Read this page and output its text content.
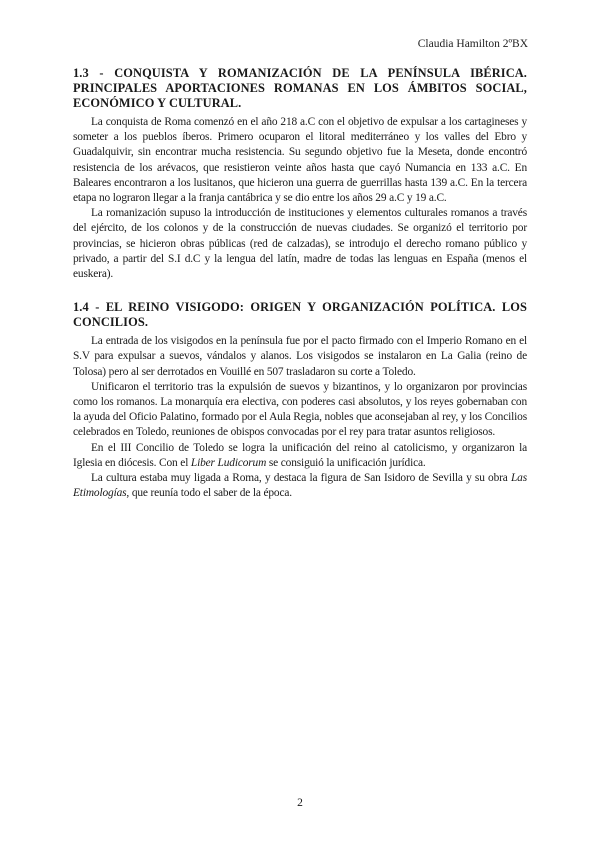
Claudia Hamilton 2ºBX
1.3 - CONQUISTA Y ROMANIZACIÓN DE LA PENÍNSULA IBÉRICA. PRINCIPALES APORTACIONES ROMANAS EN LOS ÁMBITOS SOCIAL, ECONÓMICO Y CULTURAL.

La conquista de Roma comenzó en el año 218 a.C con el objetivo de expulsar a los cartagineses y someter a los pueblos íberos. Primero ocuparon el litoral mediterráneo y los valles del Ebro y Guadalquivir, sin encontrar mucha resistencia. Su segundo objetivo fue la Meseta, donde encontró resistencia de los arévacos, que resistieron veinte años hasta que cayó Numancia en 133 a.C. En Baleares encontraron a los lusitanos, que hicieron una guerra de guerrillas hasta 139 a.C. En la tercera etapa no lograron llegar a la franja cantábrica y se dio entre los años 29 a.C y 19 a.C.

La romanización supuso la introducción de instituciones y elementos culturales romanos a través del ejército, de los colonos y de la construcción de nuevas ciudades. Se organizó el territorio por provincias, se hicieron obras públicas (red de calzadas), se introdujo el derecho romano público y privado, a partir del S.I d.C y la lengua del latín, madre de todas las lenguas en España (menos el euskera).

1.4 - EL REINO VISIGODO: ORIGEN Y ORGANIZACIÓN POLÍTICA. LOS CONCILIOS.

La entrada de los visigodos en la península fue por el pacto firmado con el Imperio Romano en el S.V para expulsar a suevos, vándalos y alanos. Los visigodos se instalaron en La Galia (reino de Tolosa) pero al ser derrotados en Vouillé en 507 trasladaron su corte a Toledo.

Unificaron el territorio tras la expulsión de suevos y bizantinos, y lo organizaron por provincias como los romanos. La monarquía era electiva, con poderes casi absolutos, y los reyes gobernaban con la ayuda del Oficio Palatino, formado por el Aula Regia, nobles que aconsejaban al rey, y los Concilios celebrados en Toledo, reuniones de obispos convocadas por el rey para tratar asuntos religiosos.

En el III Concilio de Toledo se logra la unificación del reino al catolicismo, y organizaron la Iglesia en diócesis. Con el Liber Ludicorum se consiguió la unificación jurídica.

La cultura estaba muy ligada a Roma, y destaca la figura de San Isidoro de Sevilla y su obra Las Etimologías, que reunía todo el saber de la época.

2
